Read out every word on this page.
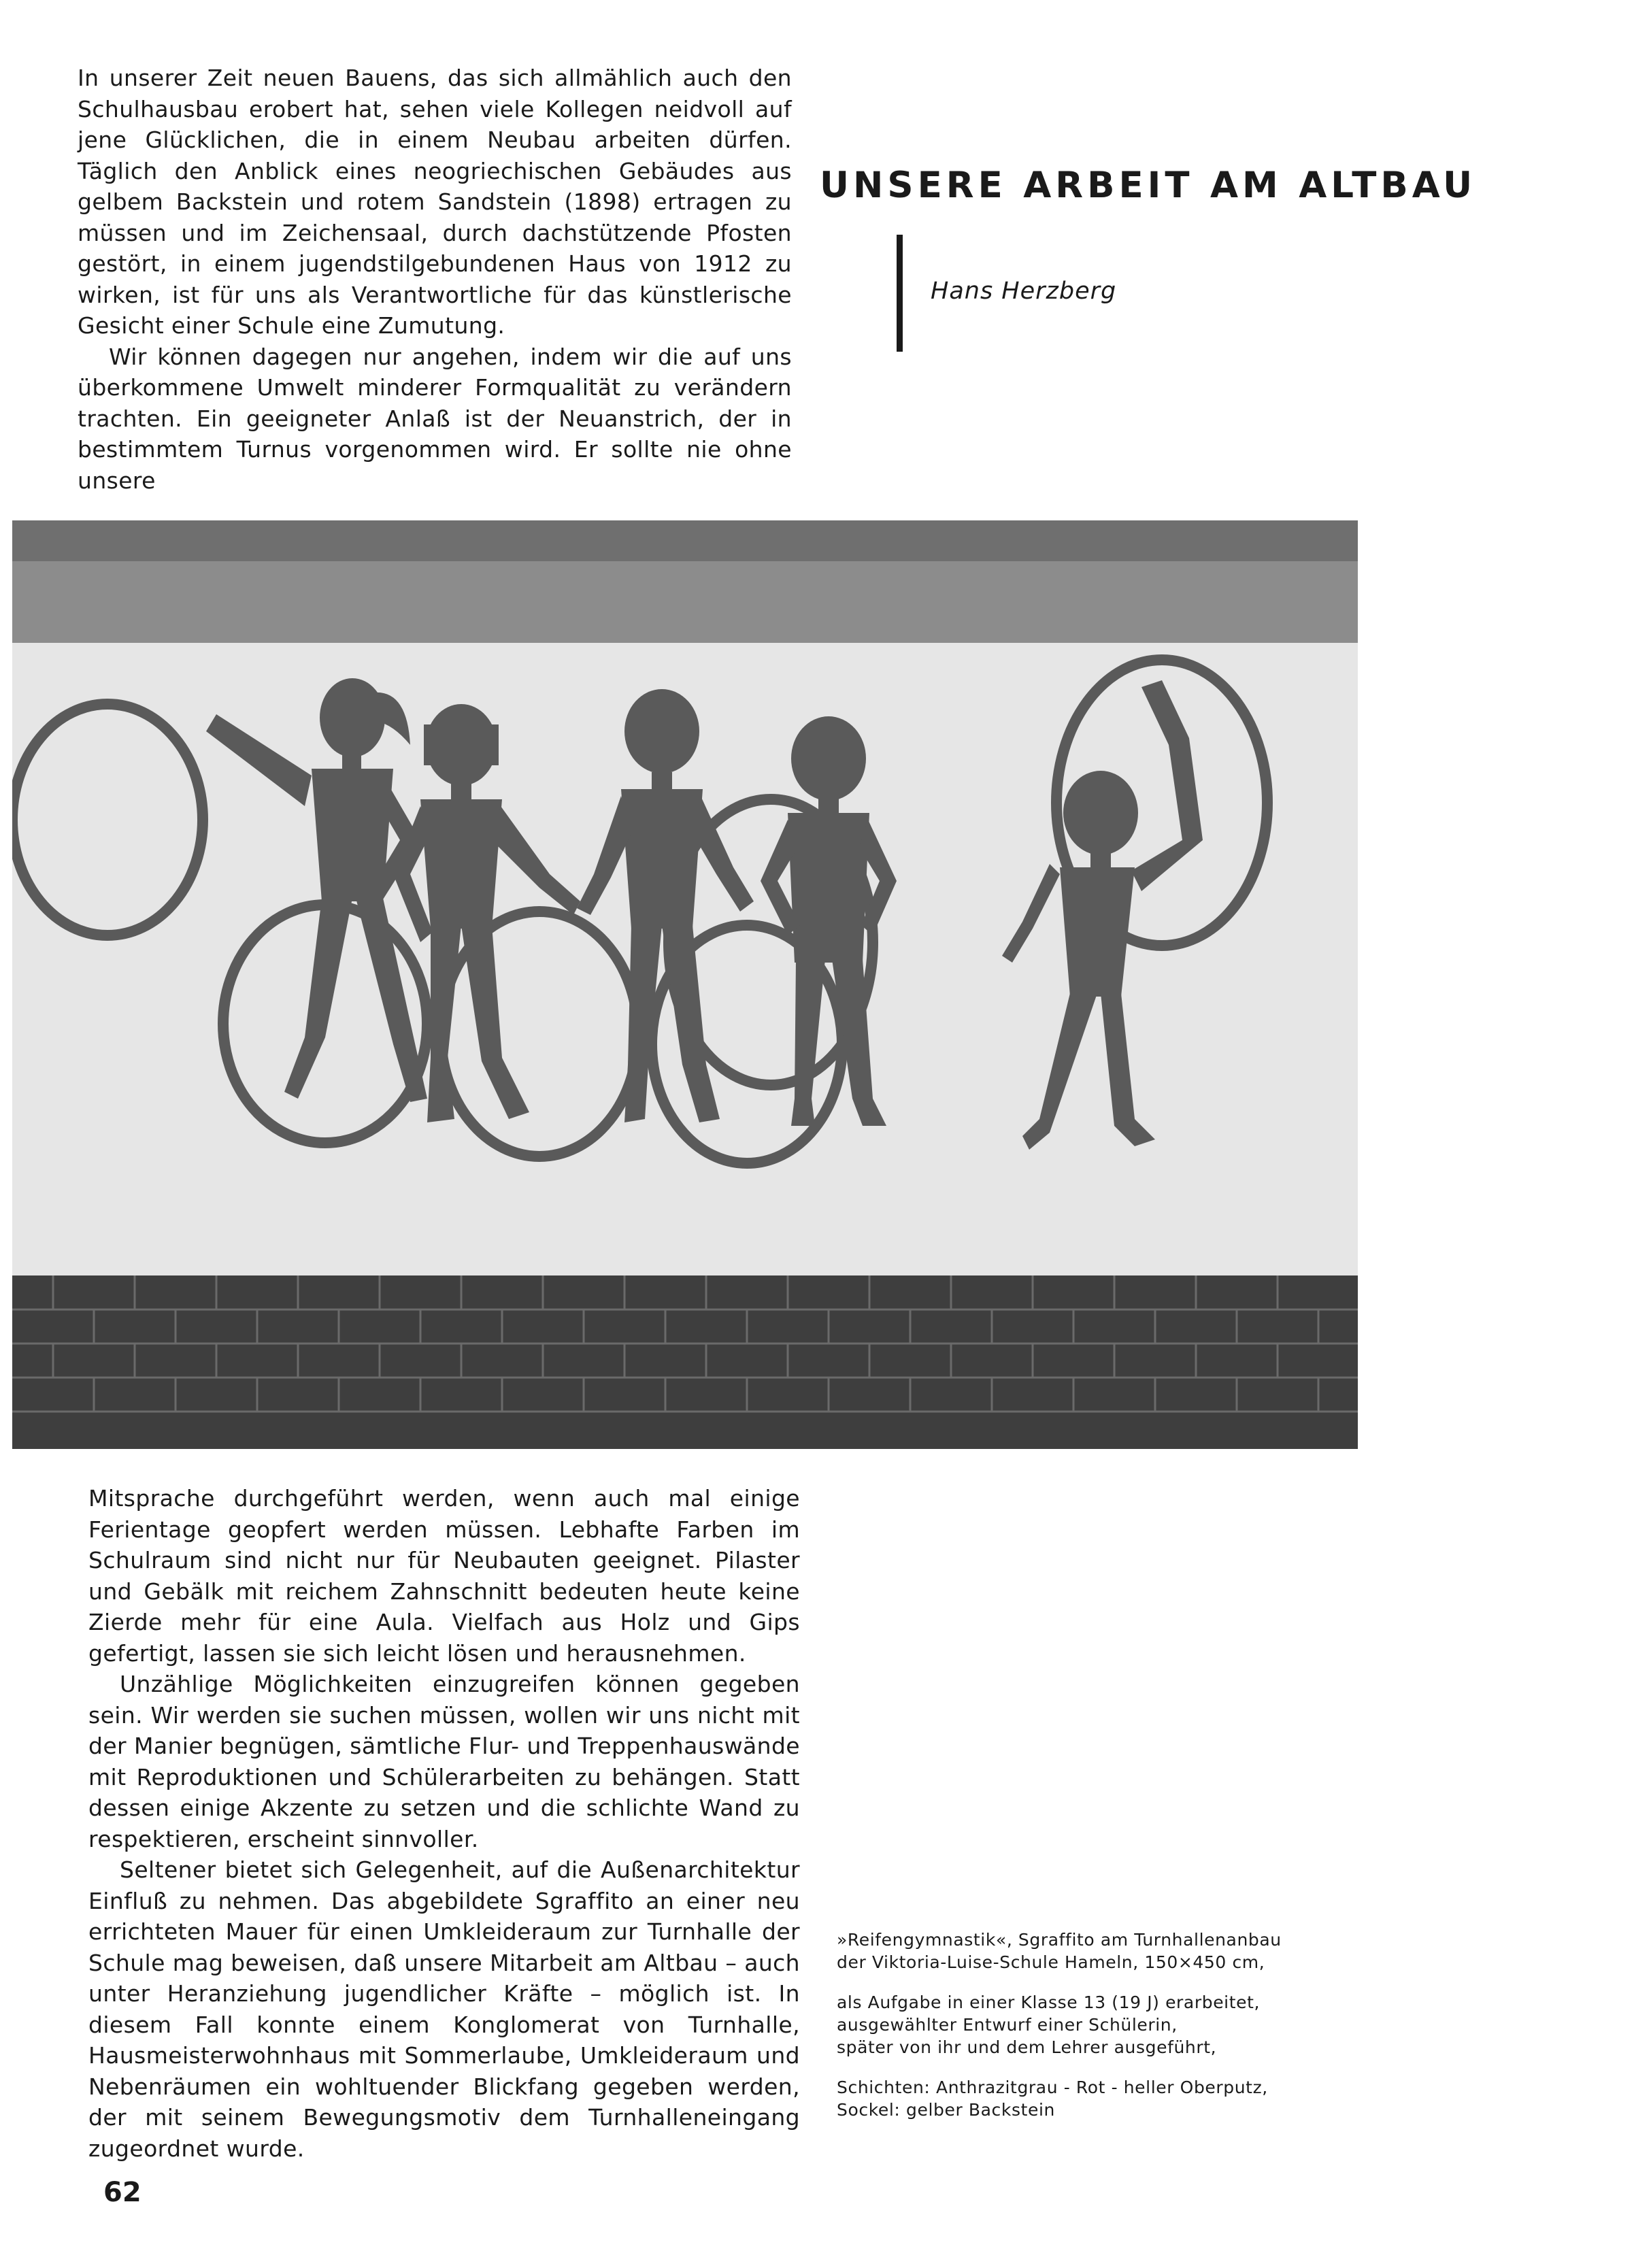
In unserer Zeit neuen Bauens, das sich allmählich auch den Schulhausbau erobert hat, sehen viele Kollegen neidvoll auf jene Glücklichen, die in einem Neubau arbeiten dürfen. Täglich den Anblick eines neogriechischen Gebäudes aus gelbem Backstein und rotem Sandstein (1898) ertragen zu müssen und im Zeichensaal, durch dachstützende Pfosten gestört, in einem jugendstilgebundenen Haus von 1912 zu wirken, ist für uns als Verantwortliche für das künstlerische Gesicht einer Schule eine Zumutung.

Wir können dagegen nur angehen, indem wir die auf uns überkommene Umwelt minderer Formqualität zu verändern trachten. Ein geeigneter Anlaß ist der Neuanstrich, der in bestimmtem Turnus vorgenommen wird. Er sollte nie ohne unsere

UNSERE ARBEIT AM ALTBAU
Hans Herzberg

Mitsprache durchgeführt werden, wenn auch mal einige Ferientage geopfert werden müssen. Lebhafte Farben im Schulraum sind nicht nur für Neubauten geeignet. Pilaster und Gebälk mit reichem Zahnschnitt bedeuten heute keine Zierde mehr für eine Aula. Vielfach aus Holz und Gips gefertigt, lassen sie sich leicht lösen und herausnehmen.

Unzählige Möglichkeiten einzugreifen können gegeben sein. Wir werden sie suchen müssen, wollen wir uns nicht mit der Manier begnügen, sämtliche Flur- und Treppenhauswände mit Reproduktionen und Schülerarbeiten zu behängen. Statt dessen einige Akzente zu setzen und die schlichte Wand zu respektieren, erscheint sinnvoller.

Seltener bietet sich Gelegenheit, auf die Außenarchitektur Einfluß zu nehmen. Das abgebildete Sgraffito an einer neu errichteten Mauer für einen Umkleideraum zur Turnhalle der Schule mag beweisen, daß unsere Mitarbeit am Altbau – auch unter Heranziehung jugendlicher Kräfte – möglich ist. In diesem Fall konnte einem Konglomerat von Turnhalle, Hausmeisterwohnhaus mit Sommerlaube, Umkleideraum und Nebenräumen ein wohltuender Blickfang gegeben werden, der mit seinem Bewegungsmotiv dem Turnhalleneingang zugeordnet wurde.

»Reifengymnastik«, Sgraffito am Turnhallenanbau

der Viktoria-Luise-Schule Hameln, 150×450 cm,

als Aufgabe in einer Klasse 13 (19 J) erarbeitet,

ausgewählter Entwurf einer Schülerin,

später von ihr und dem Lehrer ausgeführt,

Schichten: Anthrazitgrau - Rot - heller Oberputz,

Sockel: gelber Backstein

62
